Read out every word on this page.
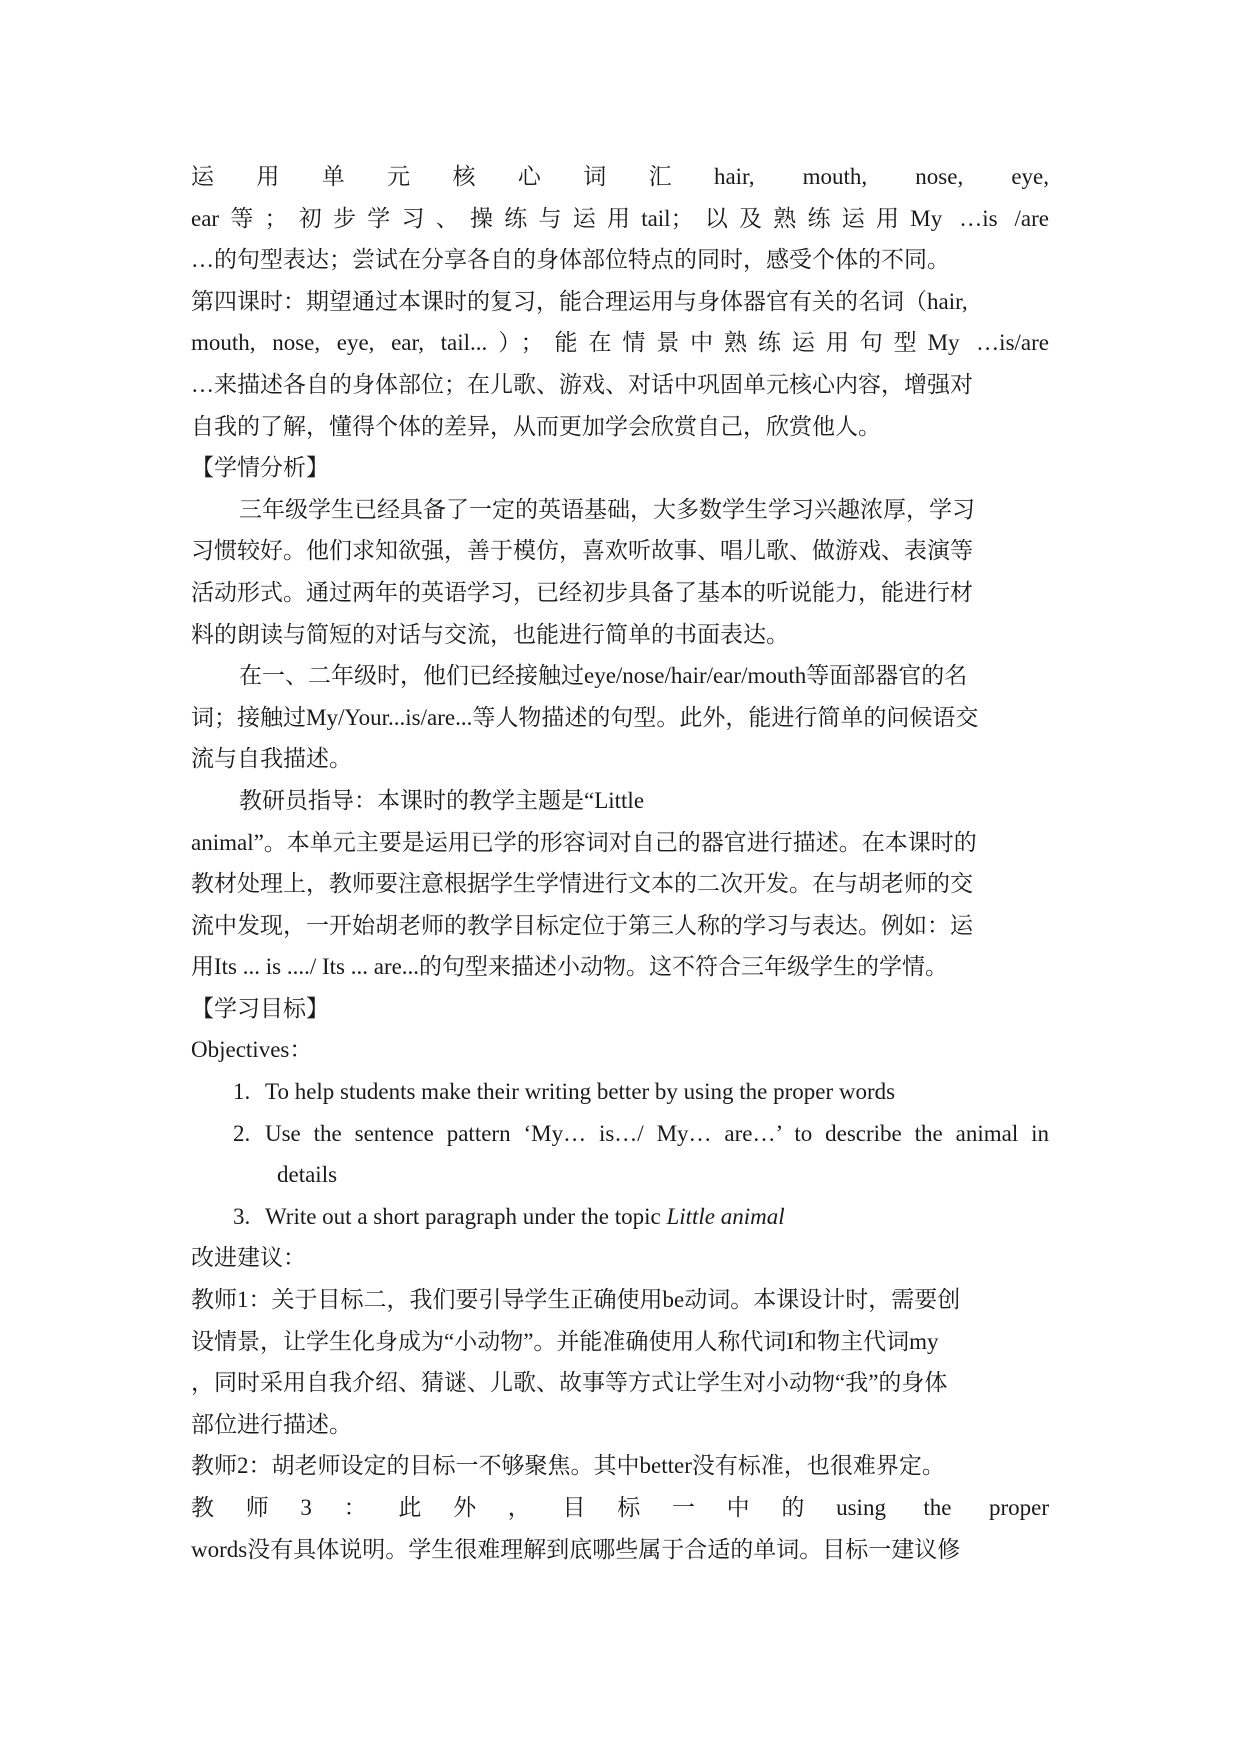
运用单元核心词汇hair, mouth, nose, eye,
ear等；初步学习、操练与运用tail；以及熟练运用My …is /are
…的句型表达；尝试在分享各自的身体部位特点的同时，感受个体的不同。
第四课时：期望通过本课时的复习，能合理运用与身体器官有关的名词（hair,
mouth, nose, eye, ear, tail...）；能在情景中熟练运用句型My …is/are
…来描述各自的身体部位；在儿歌、游戏、对话中巩固单元核心内容，增强对
自我的了解，懂得个体的差异，从而更加学会欣赏自己，欣赏他人。
【学情分析】
三年级学生已经具备了一定的英语基础，大多数学生学习兴趣浓厚，学习
习惯较好。他们求知欲强，善于模仿，喜欢听故事、唱儿歌、做游戏、表演等
活动形式。通过两年的英语学习，已经初步具备了基本的听说能力，能进行材
料的朗读与简短的对话与交流，也能进行简单的书面表达。
在一、二年级时，他们已经接触过eye/nose/hair/ear/mouth等面部器官的名
词；接触过My/Your...is/are...等人物描述的句型。此外，能进行简单的问候语交
流与自我描述。
教研员指导：本课时的教学主题是“Little
animal”。本单元主要是运用已学的形容词对自己的器官进行描述。在本课时的
教材处理上，教师要注意根据学生学情进行文本的二次开发。在与胡老师的交
流中发现，一开始胡老师的教学目标定位于第三人称的学习与表达。例如：运
用Its ... is ..../ Its ... are...的句型来描述小动物。这不符合三年级学生的学情。
【学习目标】
Objectives：
1. To help students make their writing better by using the proper words
2. Use the sentence pattern ‘My… is…/ My… are…’ to describe the animal in
details
3. Write out a short paragraph under the topic Little animal
改进建议：
教师1：关于目标二，我们要引导学生正确使用be动词。本课设计时，需要创
设情景，让学生化身成为“小动物”。并能准确使用人称代词I和物主代词my
，同时采用自我介绍、猜谜、儿歌、故事等方式让学生对小动物“我”的身体
部位进行描述。
教师2：胡老师设定的目标一不够聚焦。其中better没有标准，也很难界定。
教师3：此外，目标一中的using the proper
words没有具体说明。学生很难理解到底哪些属于合适的单词。目标一建议修
